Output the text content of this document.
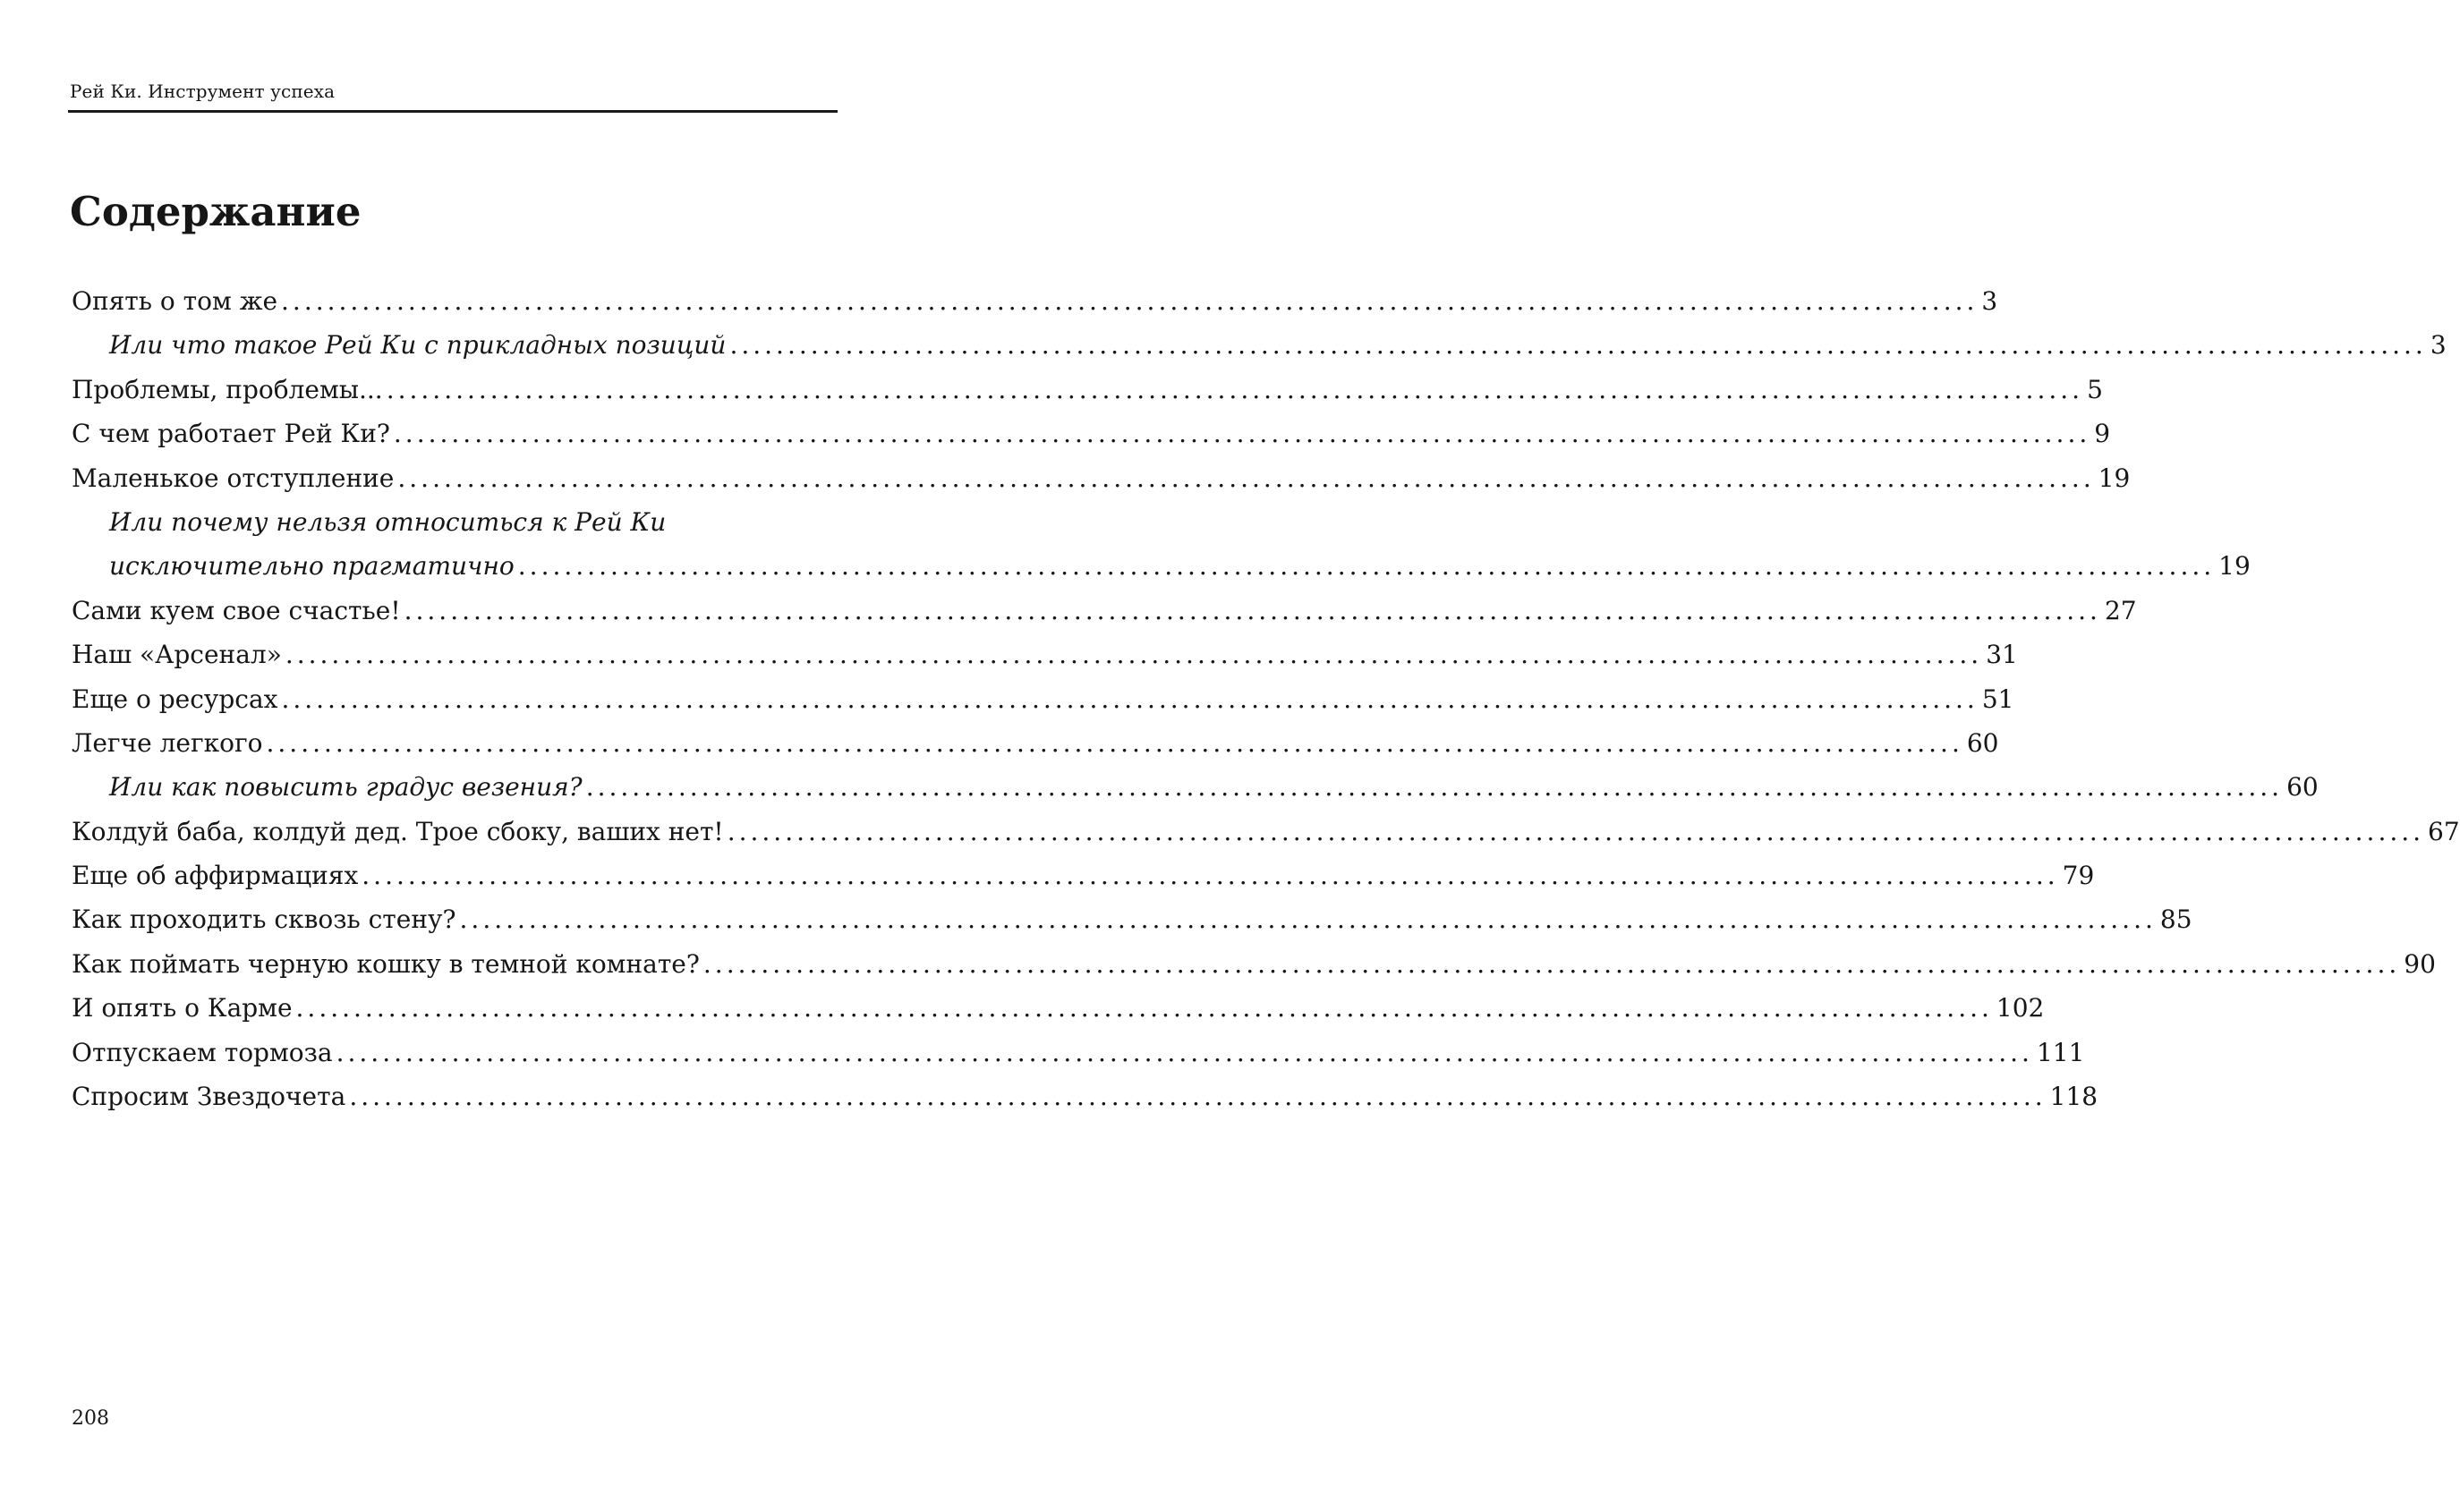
Рей Ки. Инструмент успеха
Содержание
Опять о том же ................................................................................................................................................... 3
Или что такое Рей Ки с прикладных позиций ................................................................................................................................................... 3
Проблемы, проблемы... ................................................................................................................................................... 5
С чем работает Рей Ки? ................................................................................................................................................... 9
Маленькое отступление ................................................................................................................................................... 19
Или почему нельзя относиться к Рей Ки
исключительно прагматично ................................................................................................................................................... 19
Сами куем свое счастье! ................................................................................................................................................... 27
Наш «Арсенал» ................................................................................................................................................... 31
Еще о ресурсах ................................................................................................................................................... 51
Легче легкого ................................................................................................................................................... 60
Или как повысить градус везения? ................................................................................................................................................... 60
Колдуй баба, колдуй дед. Трое сбоку, ваших нет! ................................................................................................................................................... 67
Еще об аффирмациях ................................................................................................................................................... 79
Как проходить сквозь стену? ................................................................................................................................................... 85
Как поймать черную кошку в темной комнате? ................................................................................................................................................... 90
И опять о Карме ................................................................................................................................................... 102
Отпускаем тормоза ................................................................................................................................................... 111
Спросим Звездочета ................................................................................................................................................... 118
208
